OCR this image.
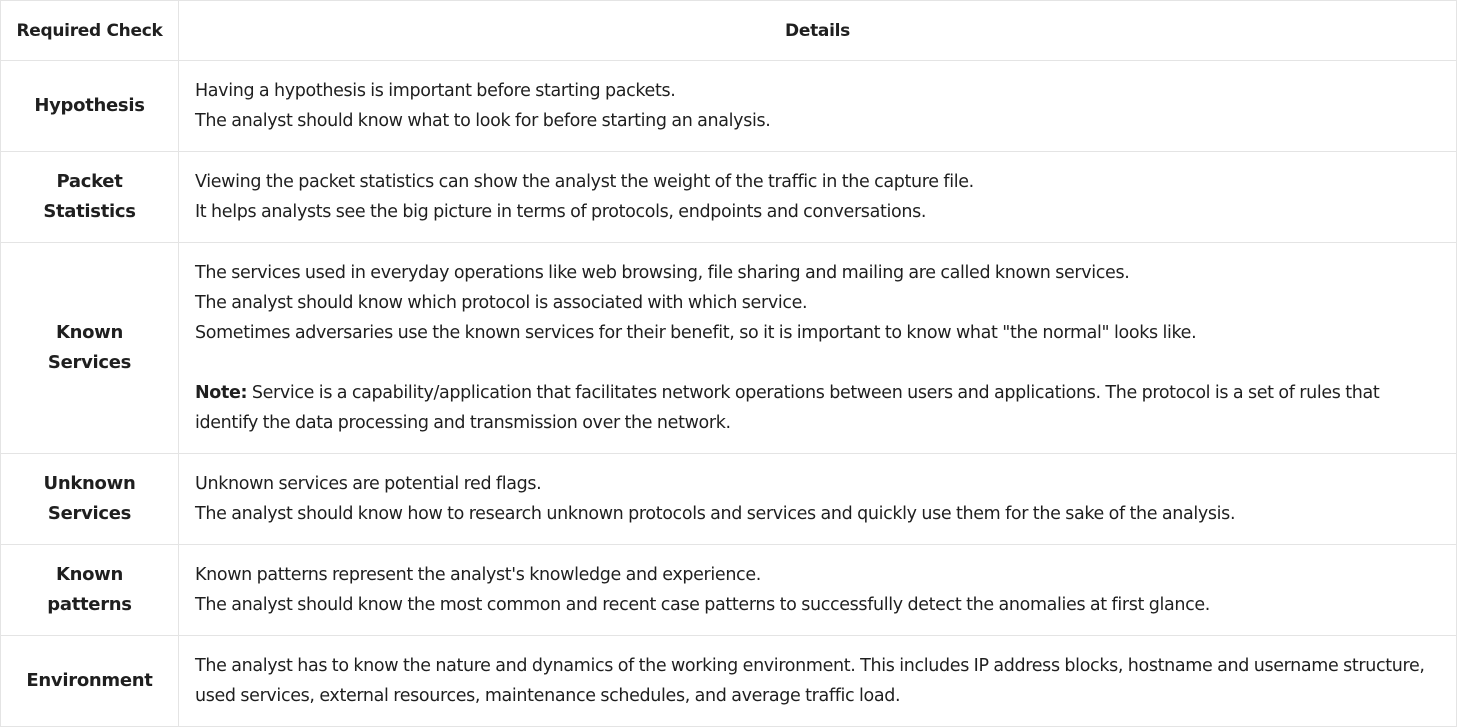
Required Check	Details
Hypothesis	Having a hypothesis is important before starting packets.

The analyst should know what to look for before starting an analysis.

Packet Statistics	Viewing the packet statistics can show the analyst the weight of the traffic in the capture file.

It helps analysts see the big picture in terms of protocols, endpoints and conversations.

Known Services	The services used in everyday operations like web browsing, file sharing and mailing are called known services.

The analyst should know which protocol is associated with which service.

Sometimes adversaries use the known services for their benefit, so it is important to know what "the normal" looks like.

Note: Service is a capability/application that facilitates network operations between users and applications. The protocol is a set of rules that identify the data processing and transmission over the network.

Unknown Services	Unknown services are potential red flags.

The analyst should know how to research unknown protocols and services and quickly use them for the sake of the analysis.

Known patterns	Known patterns represent the analyst's knowledge and experience.

The analyst should know the most common and recent case patterns to successfully detect the anomalies at first glance.

Environment	The analyst has to know the nature and dynamics of the working environment. This includes IP address blocks, hostname and username structure, used services, external resources, maintenance schedules, and average traffic load.
